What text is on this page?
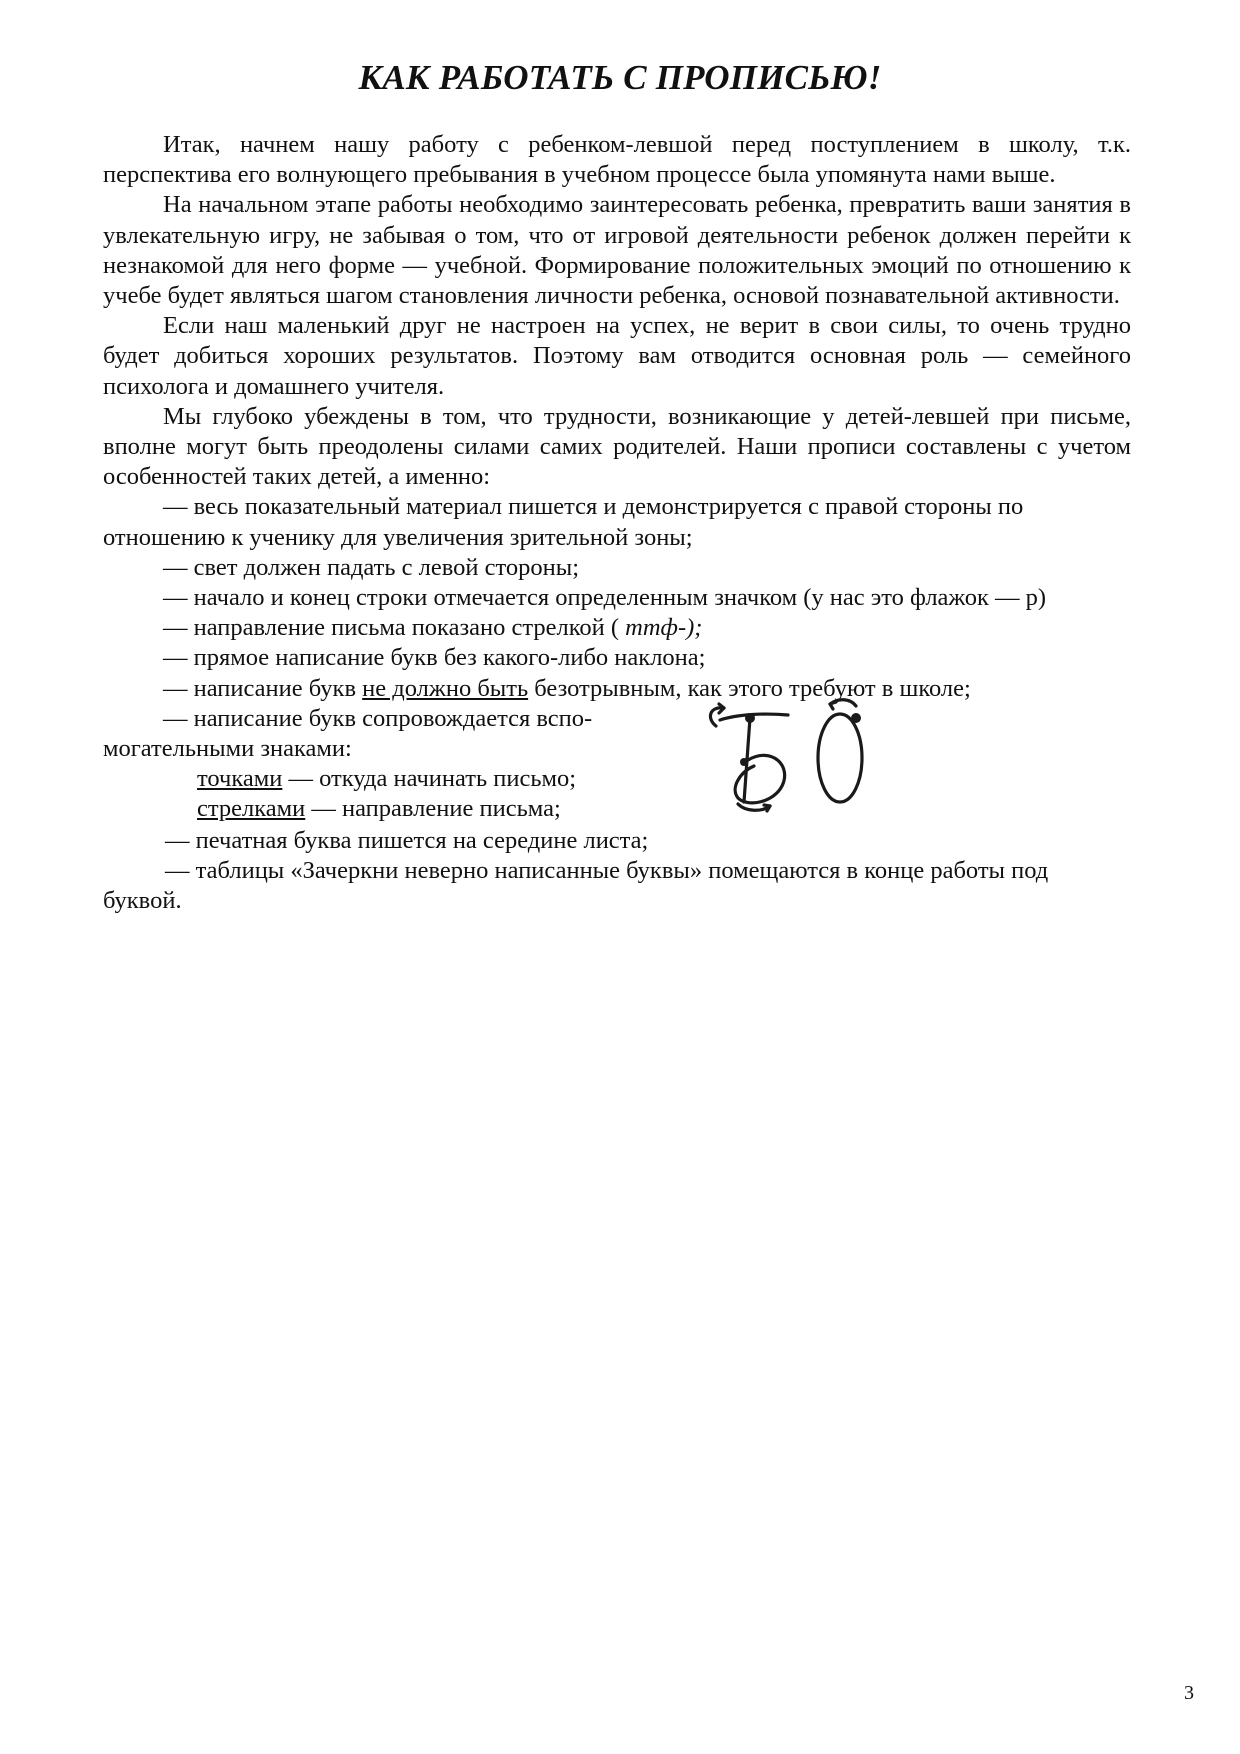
КАК РАБОТАТЬ С ПРОПИСЬЮ!

Итак, начнем нашу работу с ребенком-левшой перед поступлением в школу, т.к. перспектива его волнующего пребывания в учебном процессе была упомянута нами выше.

На начальном этапе работы необходимо заинтересовать ребенка, превратить ваши занятия в увлекательную игру, не забывая о том, что от игровой деятельности ребенок должен перейти к незнакомой для него форме — учебной. Формирование положительных эмоций по отношению к учебе будет являться шагом становления личности ребенка, основой познавательной активности.

Если наш маленький друг не настроен на успех, не верит в свои силы, то очень трудно будет добиться хороших результатов. Поэтому вам отводится основная роль — семейного психолога и домашнего учителя.

Мы глубоко убеждены в том, что трудности, возникающие у детей-левшей при письме, вполне могут быть преодолены силами самих родителей. Наши прописи составлены с учетом особенностей таких детей, а именно:

— весь показательный материал пишется и демонстрируется с правой стороны по отношению к ученику для увеличения зрительной зоны;

— свет должен падать с левой стороны;

— начало и конец строки отмечается определенным значком (у нас это флажок — р)

— направление письма показано стрелкой ( ттф-);

— прямое написание букв без какого-либо наклона;

— написание букв не должно быть безотрывным, как этого требуют в школе;

— написание букв сопровождается вспо-могательными знаками:

точками — откуда начинать письмо;

стрелками — направление письма;

— печатная буква пишется на середине листа;

— таблицы «Зачеркни неверно написанные буквы» помещаются в конце работы под буквой.

3
